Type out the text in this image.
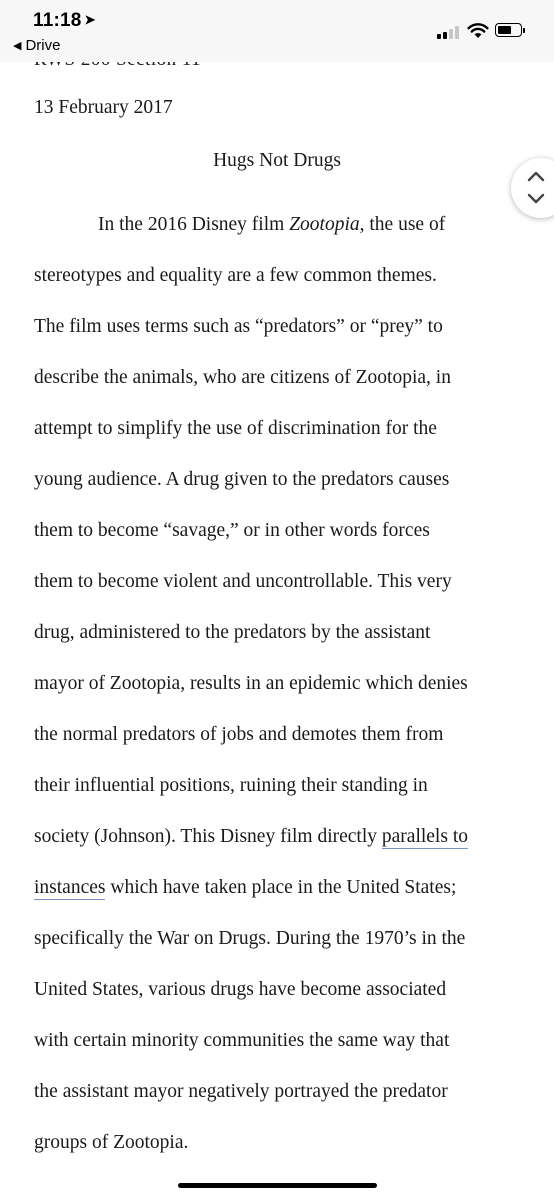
13 February 2017
Hugs Not Drugs

In the 2016 Disney film Zootopia, the use of
stereotypes and equality are a few common themes.
The film uses terms such as “predators” or “prey” to
describe the animals, who are citizens of Zootopia, in
attempt to simplify the use of discrimination for the
young audience. A drug given to the predators causes
them to become “savage,” or in other words forces
them to become violent and uncontrollable. This very
drug, administered to the predators by the assistant
mayor of Zootopia, results in an epidemic which denies
the normal predators of jobs and demotes them from
their influential positions, ruining their standing in
society (Johnson). This Disney film directly parallels to
instances which have taken place in the United States;
specifically the War on Drugs. During the 1970’s in the
United States, various drugs have become associated
with certain minority communities the same way that
the assistant mayor negatively portrayed the predator
groups of Zootopia.

11:18 ➤
◀ Drive
